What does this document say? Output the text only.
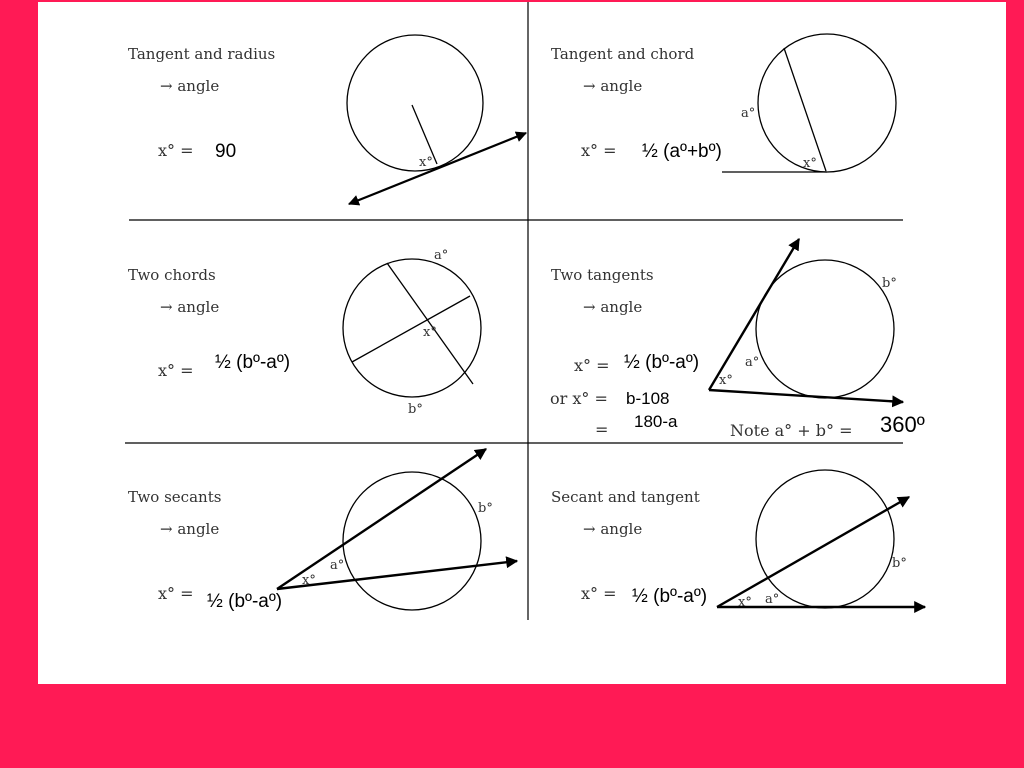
x°
a°
x°
a°
b°
x°
b°
a°
x°
b°
a°
x°
b°
a°
x°
Tangent and radius
→ angle
x° = 90
Tangent and chord
→ angle
x° = ½ (aº+bº)
Two chords
→ angle
x° = ½ (bº-aº)
Two tangents
→ angle
x° = ½ (bº-aº)
or x° = b-108
= 180-a	Note a° + b° = 360º
Two secants
→ angle
x° = ½ (bº-aº)
Secant and tangent
→ angle
x° = ½ (bº-aº)
